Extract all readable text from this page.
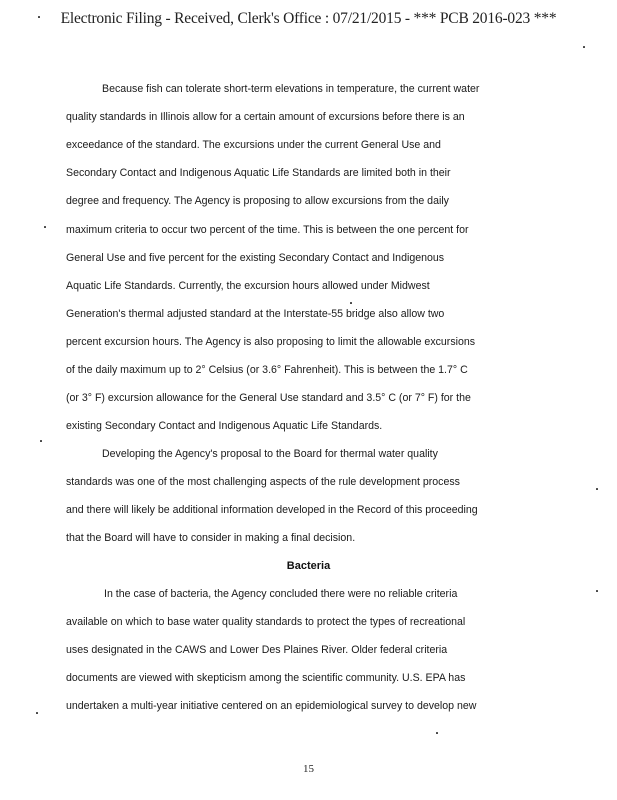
Electronic Filing - Received, Clerk's Office : 07/21/2015 - *** PCB 2016-023 ***
Because fish can tolerate short-term elevations in temperature, the current water
quality standards in Illinois allow for a certain amount of excursions before there is an
exceedance of the standard. The excursions under the current General Use and
Secondary Contact and Indigenous Aquatic Life Standards are limited both in their
degree and frequency. The Agency is proposing to allow excursions from the daily
maximum criteria to occur two percent of the time. This is between the one percent for
General Use and five percent for the existing Secondary Contact and Indigenous
Aquatic Life Standards. Currently, the excursion hours allowed under Midwest
Generation's thermal adjusted standard at the Interstate-55 bridge also allow two
percent excursion hours. The Agency is also proposing to limit the allowable excursions
of the daily maximum up to 2° Celsius (or 3.6° Fahrenheit). This is between the 1.7° C
(or 3° F) excursion allowance for the General Use standard and 3.5° C (or 7° F) for the
existing Secondary Contact and Indigenous Aquatic Life Standards.
Developing the Agency's proposal to the Board for thermal water quality
standards was one of the most challenging aspects of the rule development process
and there will likely be additional information developed in the Record of this proceeding
that the Board will have to consider in making a final decision.
Bacteria
In the case of bacteria, the Agency concluded there were no reliable criteria
available on which to base water quality standards to protect the types of recreational
uses designated in the CAWS and Lower Des Plaines River. Older federal criteria
documents are viewed with skepticism among the scientific community. U.S. EPA has
undertaken a multi-year initiative centered on an epidemiological survey to develop new
15
